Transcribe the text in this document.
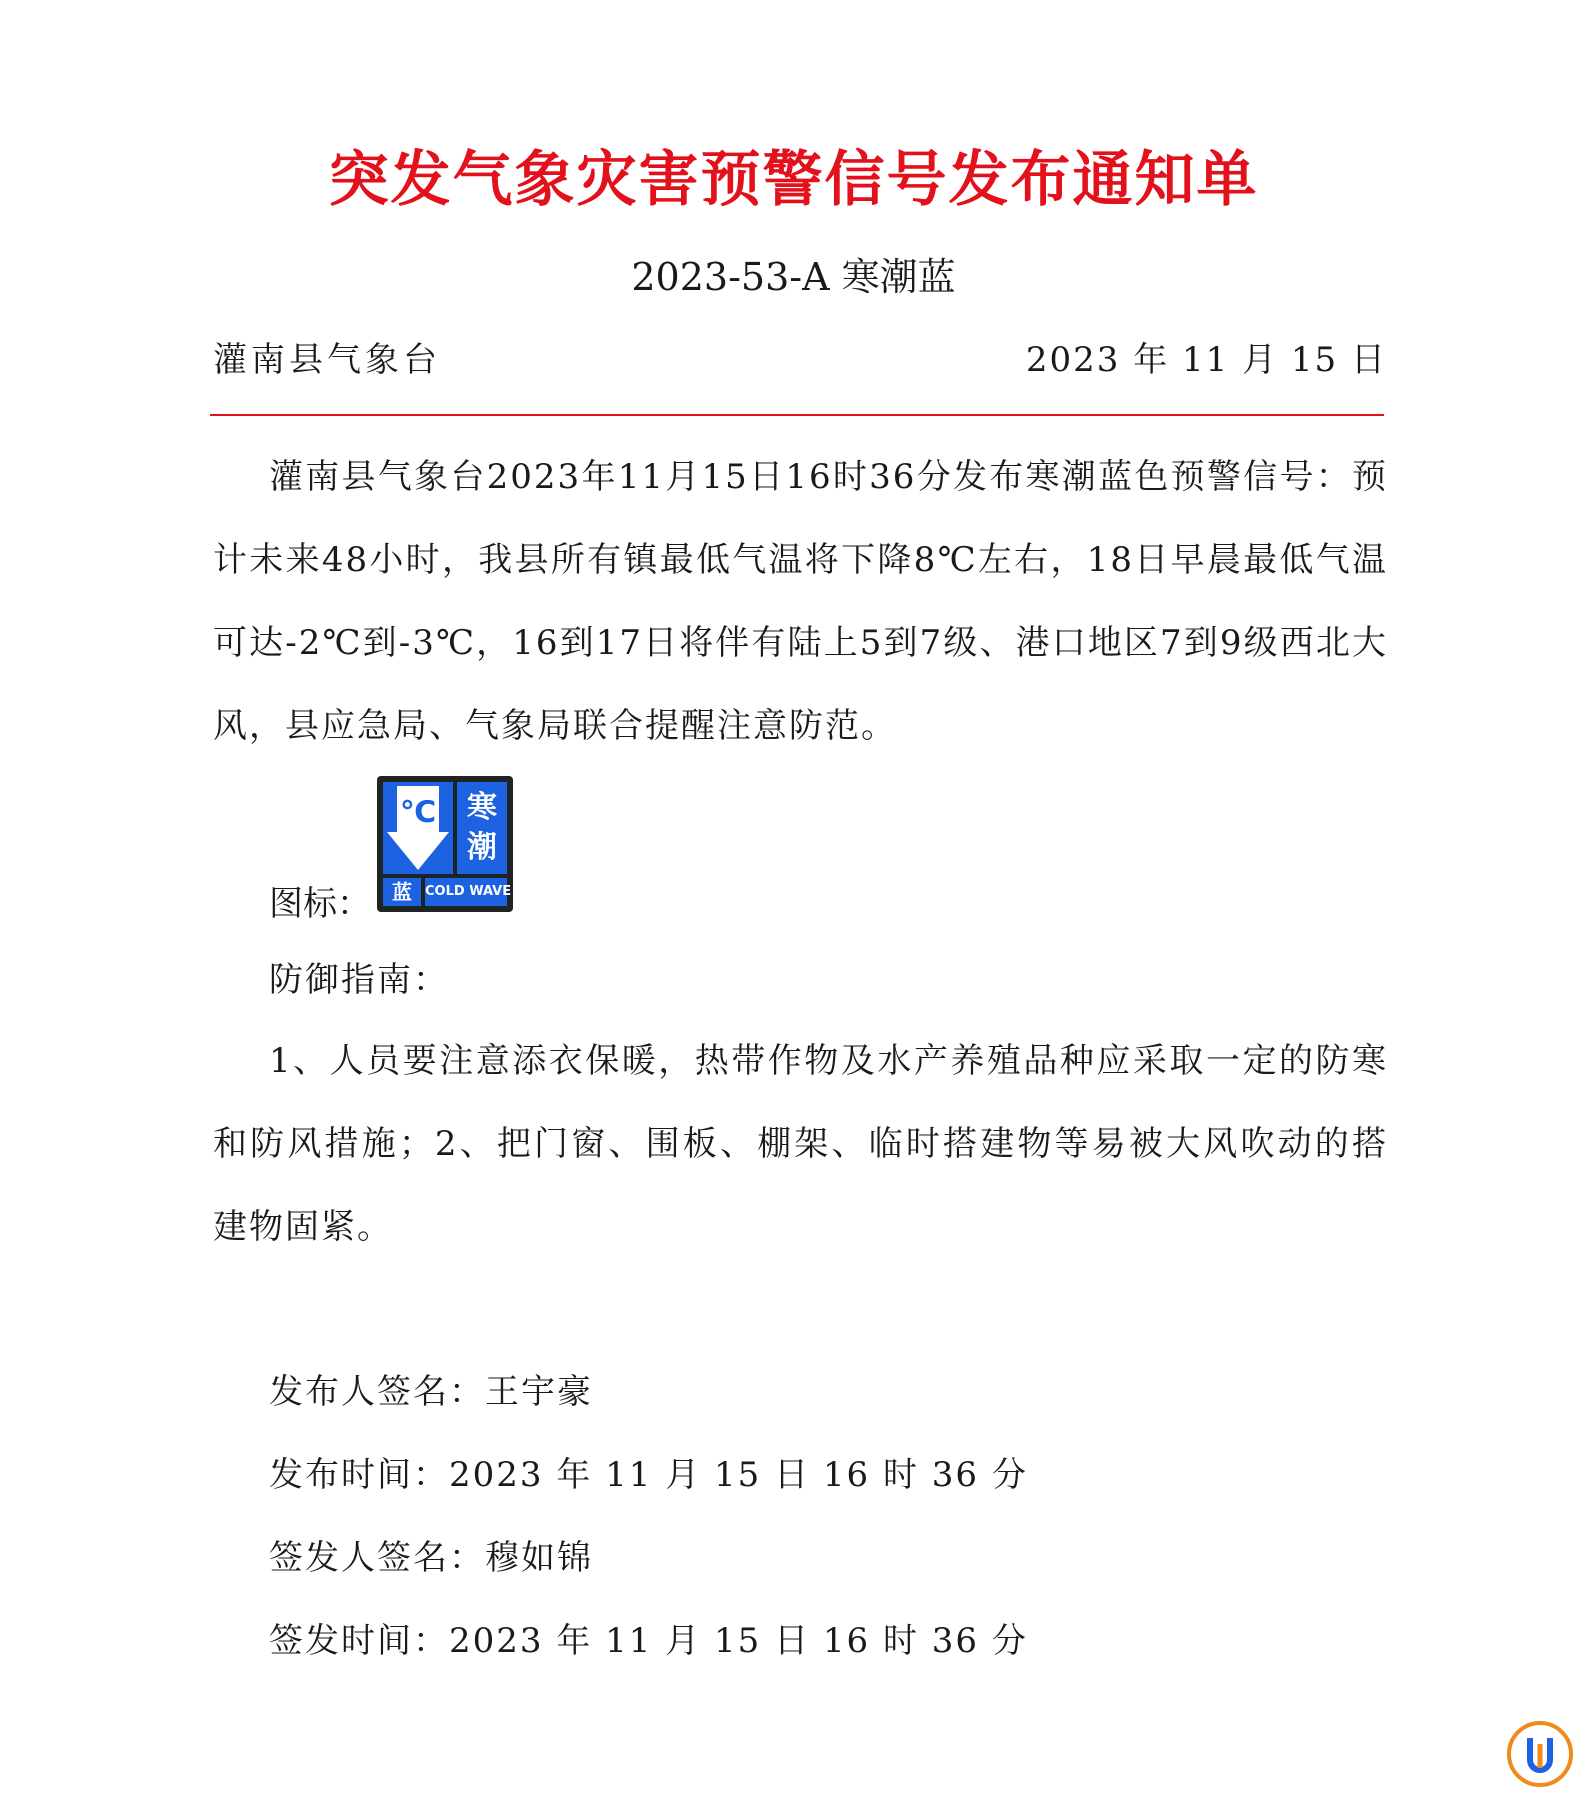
突发气象灾害预警信号发布通知单
2023-53-A 寒潮蓝
灌南县气象台	2023 年 11 月 15 日
灌南县气象台2023年11月15日16时36分发布寒潮蓝色预警信号：预计未来48小时，我县所有镇最低气温将下降8℃左右，18日早晨最低气温可达-2℃到-3℃，16到17日将伴有陆上5到7级、港口地区7到9级西北大风，县应急局、气象局联合提醒注意防范。
图标：
℃	寒
潮
蓝	COLD WAVE
防御指南：
1、人员要注意添衣保暖，热带作物及水产养殖品种应采取一定的防寒和防风措施；2、把门窗、围板、棚架、临时搭建物等易被大风吹动的搭建物固紧。
发布人签名：王宇豪
发布时间：2023 年 11 月 15 日 16 时 36 分
签发人签名：穆如锦
签发时间：2023 年 11 月 15 日 16 时 36 分
